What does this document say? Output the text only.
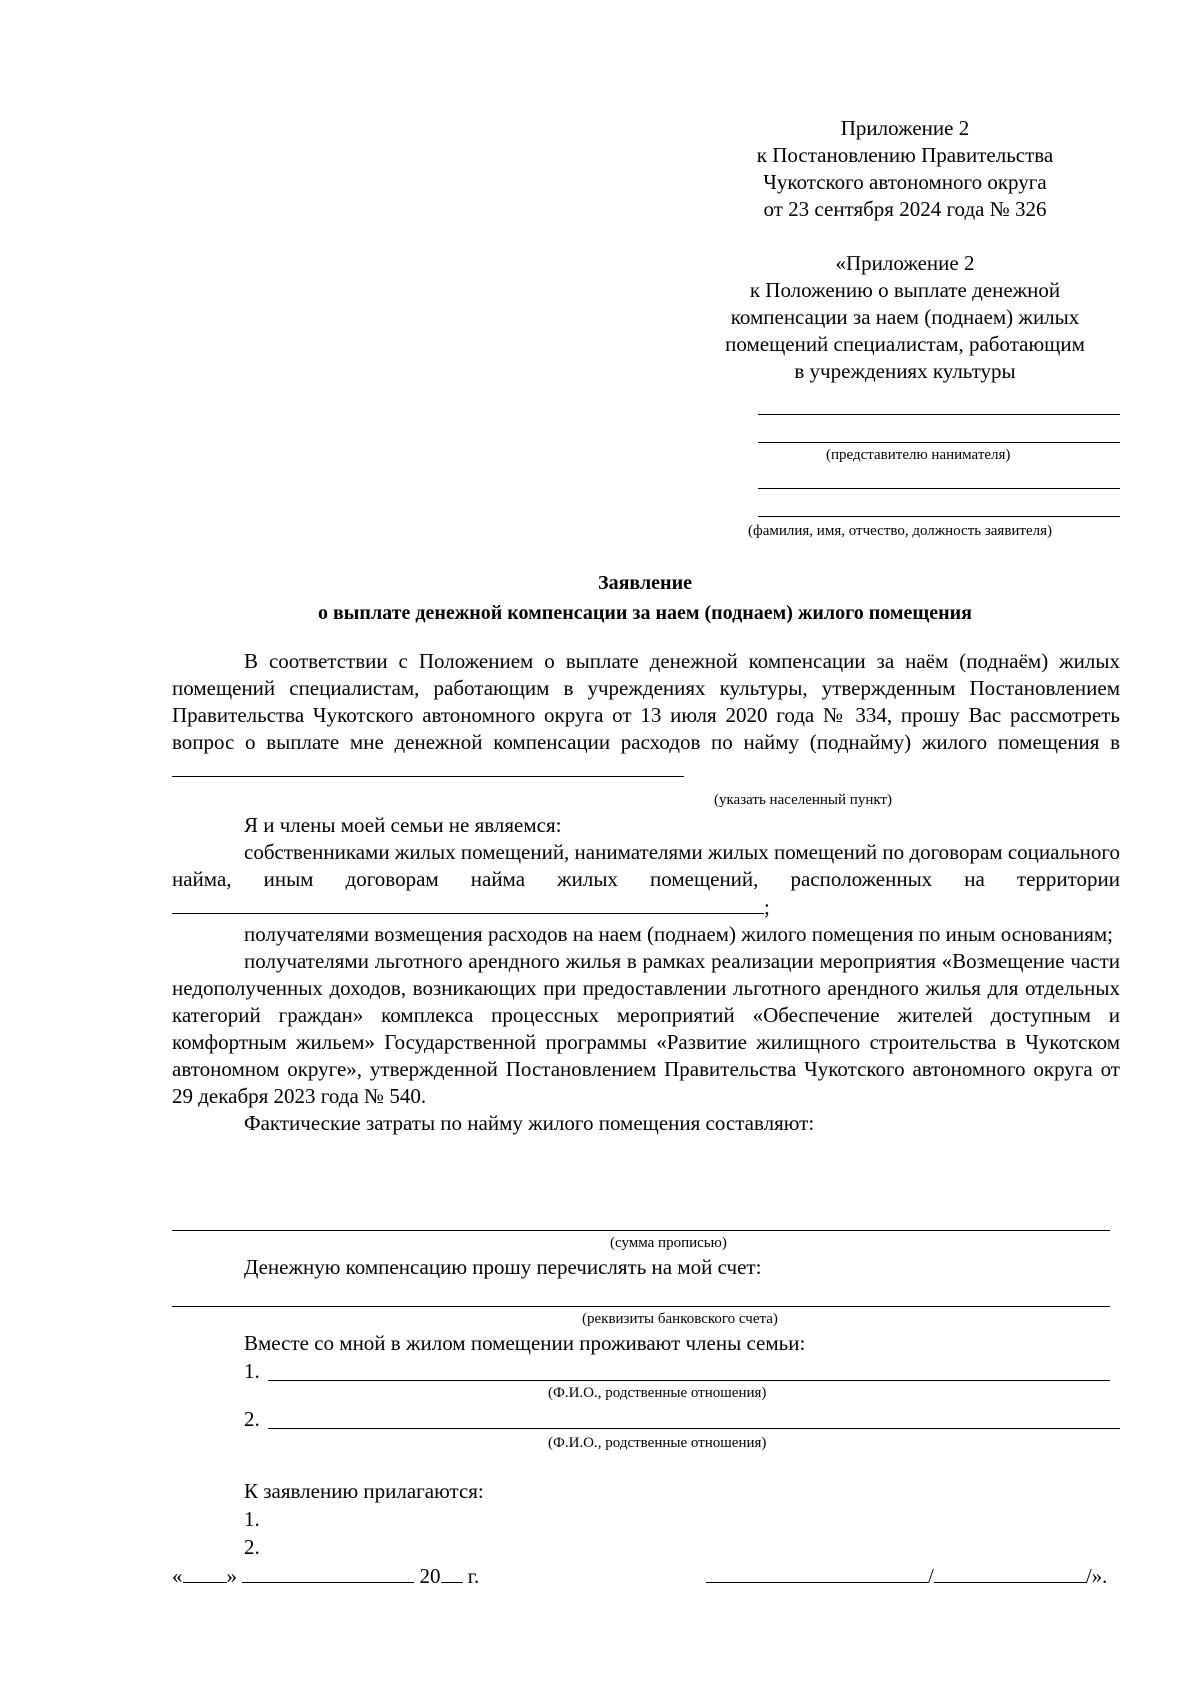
Приложение 2
к Постановлению Правительства
Чукотского автономного округа
от 23 сентября 2024 года № 326
«Приложение 2
к Положению о выплате денежной
компенсации за наем (поднаем) жилых
помещений специалистам, работающим
в учреждениях культуры
(представителю нанимателя)
(фамилия, имя, отчество, должность заявителя)
Заявление
о выплате денежной компенсации за наем (поднаем) жилого помещения

В соответствии с Положением о выплате денежной компенсации за наём (поднаём) жилых помещений специалистам, работающим в учреждениях культуры, утвержденным Постановлением Правительства Чукотского автономного округа от 13 июля 2020 года № 334, прошу Вас рассмотреть вопрос о выплате мне денежной компенсации расходов по найму (поднайму) жилого помещения в

(указать населенный пункт)

Я и члены моей семьи не являемся:

собственниками жилых помещений, нанимателями жилых помещений по договорам социального найма, иным договорам найма жилых помещений, расположенных на территории ;

получателями возмещения расходов на наем (поднаем) жилого помещения по иным основаниям;

получателями льготного арендного жилья в рамках реализации мероприятия «Возмещение части недополученных доходов, возникающих при предоставлении льготного арендного жилья для отдельных категорий граждан» комплекса процессных мероприятий «Обеспечение жителей доступным и комфортным жильем» Государственной программы «Развитие жилищного строительства в Чукотском автономном округе», утвержденной Постановлением Правительства Чукотского автономного округа от 29 декабря 2023 года № 540.

Фактические затраты по найму жилого помещения составляют:

(сумма прописью)
Денежную компенсацию прошу перечислять на мой счет:
(реквизиты банковского счета)
Вместе со мной в жилом помещении проживают члены семьи:
1.
(Ф.И.О., родственные отношения)
2.
(Ф.И.О., родственные отношения)
К заявлению прилагаются:
1.
2.
« »	20 г.	/	/».
